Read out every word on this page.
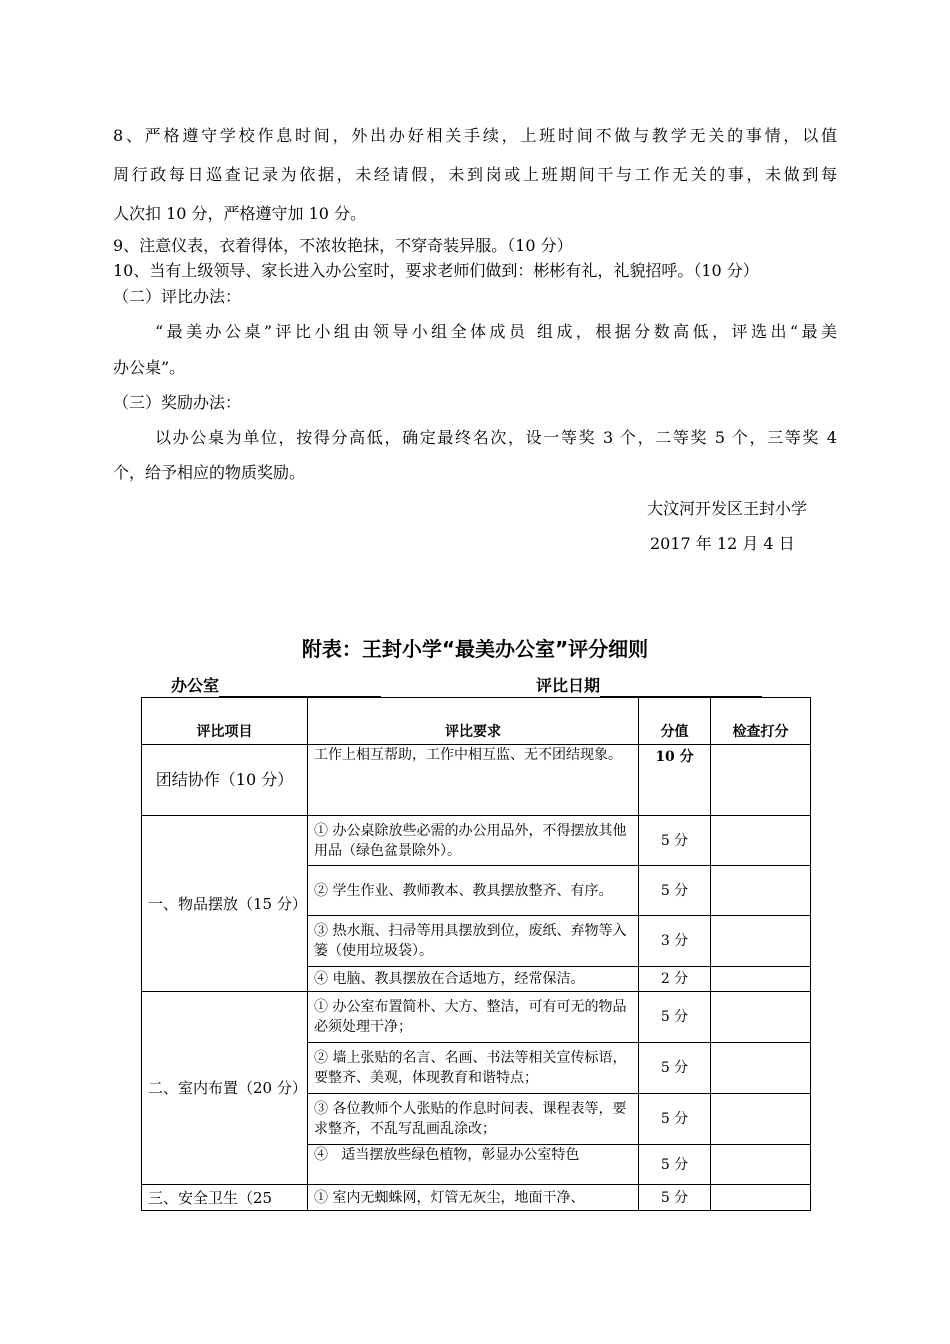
8、严格遵守学校作息时间，外出办好相关手续，上班时间不做与教学无关的事情，以值
周行政每日巡查记录为依据，未经请假，未到岗或上班期间干与工作无关的事，未做到每
人次扣 10 分，严格遵守加 10 分。
9、注意仪表，衣着得体，不浓妆艳抹，不穿奇装异服。（10 分）
10、当有上级领导、家长进入办公室时，要求老师们做到：彬彬有礼，礼貌招呼。（10 分）
（二）评比办法：
“最美办公桌”评比小组由领导小组全体成员 组成，根据分数高低，评选出“最美
办公桌”。
（三）奖励办法：
以办公桌为单位，按得分高低，确定最终名次，设一等奖 3 个，二等奖 5 个，三等奖 4
个，给予相应的物质奖励。
大汶河开发区王封小学
2017 年 12 月 4 日
附表：王封小学“最美办公室”评分细则
办公室	评比日期
评比项目	评比要求	分值	检查打分
团结协作（10 分）	工作上相互帮助，工作中相互监、无不团结现象。	10 分	
一、物品摆放（15 分）	① 办公桌除放些必需的办公用品外，不得摆放其他用品（绿色盆景除外）。	5 分	
	② 学生作业、教师教本、教具摆放整齐、有序。	5 分	
	③ 热水瓶、扫帚等用具摆放到位，废纸、弃物等入篓（使用垃圾袋）。	3 分	
	④ 电脑、教具摆放在合适地方，经常保洁。	2 分	
二、室内布置（20 分）	① 办公室布置简朴、大方、整洁，可有可无的物品必须处理干净；	5 分	
	② 墙上张贴的名言、名画、书法等相关宣传标语，要整齐、美观，体现教育和谐特点；	5 分	
	③ 各位教师个人张贴的作息时间表、课程表等，要求整齐，不乱写乱画乱涂改；	5 分	
	④   适当摆放些绿色植物，彰显办公室特色	5 分	
三、安全卫生（25	① 室内无蜘蛛网，灯管无灰尘，地面干净、	5 分	
